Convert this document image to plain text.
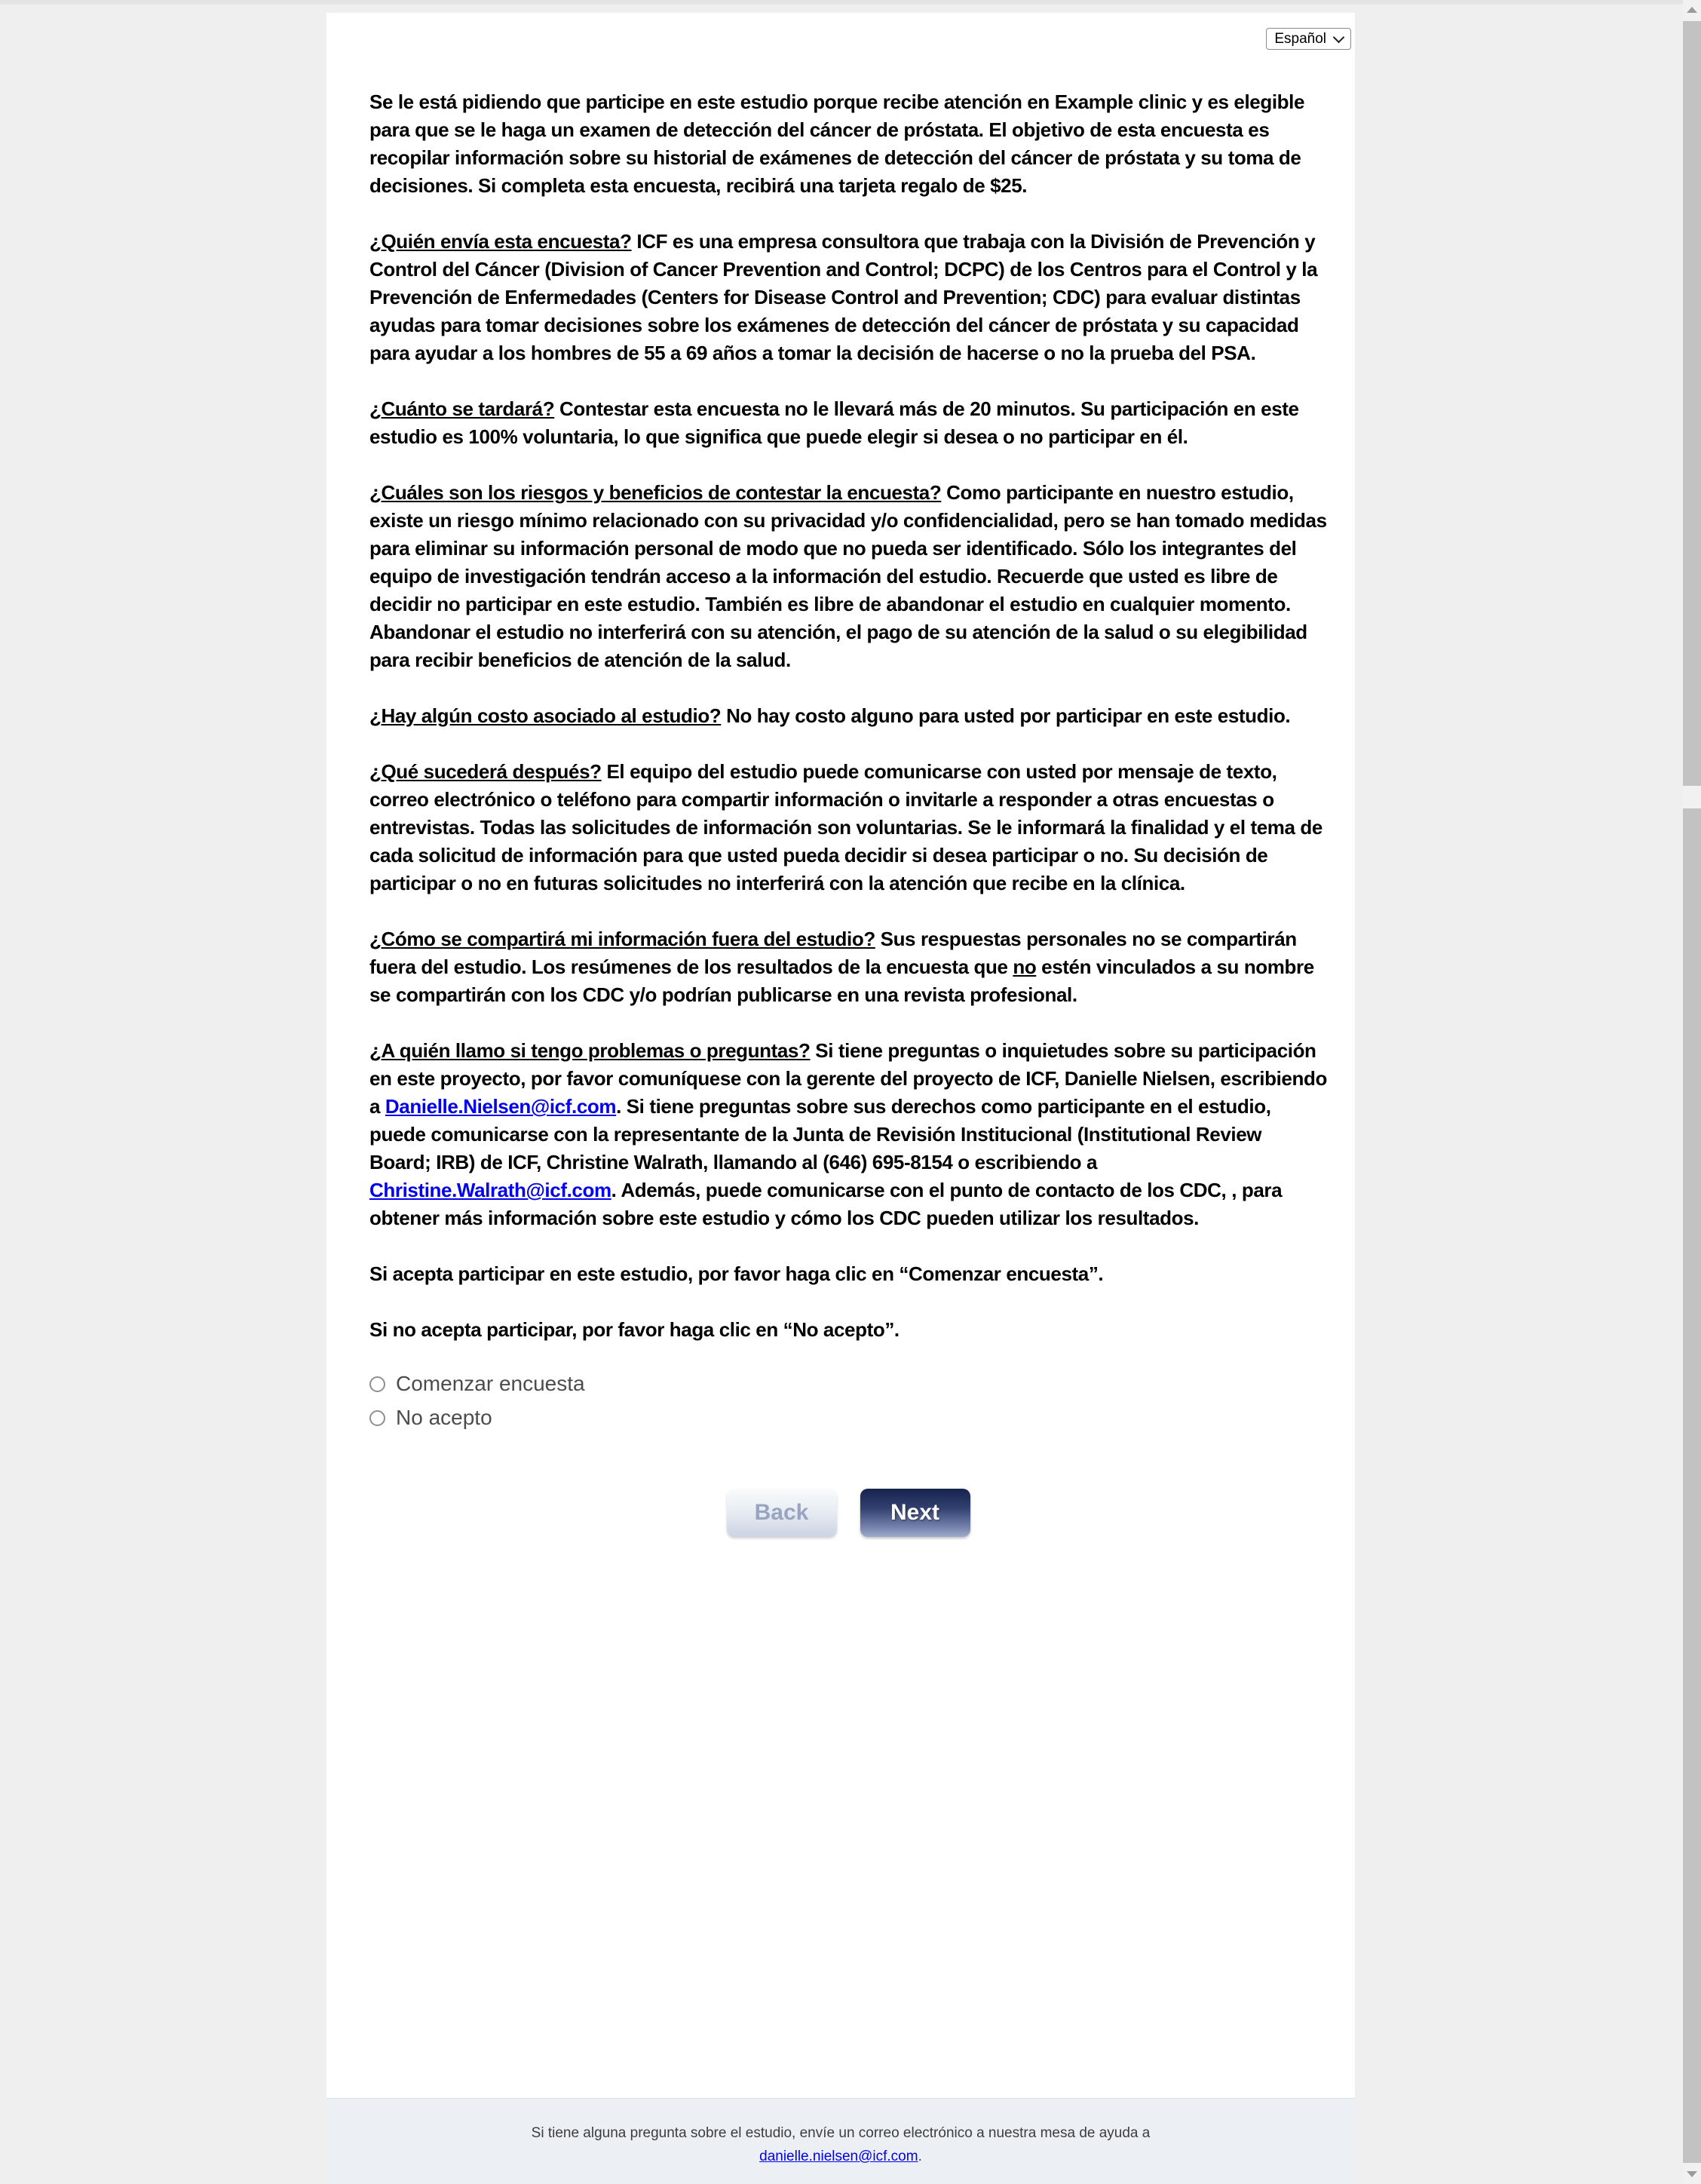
Español

Se le está pidiendo que participe en este estudio porque recibe atención en Example clinic y es elegible para que se le haga un examen de detección del cáncer de próstata. El objetivo de esta encuesta es recopilar información sobre su historial de exámenes de detección del cáncer de próstata y su toma de decisiones. Si completa esta encuesta, recibirá una tarjeta regalo de $25.

¿Quién envía esta encuesta? ICF es una empresa consultora que trabaja con la División de Prevención y Control del Cáncer (Division of Cancer Prevention and Control; DCPC) de los Centros para el Control y la Prevención de Enfermedades (Centers for Disease Control and Prevention; CDC) para evaluar distintas ayudas para tomar decisiones sobre los exámenes de detección del cáncer de próstata y su capacidad para ayudar a los hombres de 55 a 69 años a tomar la decisión de hacerse o no la prueba del PSA.

¿Cuánto se tardará? Contestar esta encuesta no le llevará más de 20 minutos. Su participación en este estudio es 100% voluntaria, lo que significa que puede elegir si desea o no participar en él.

¿Cuáles son los riesgos y beneficios de contestar la encuesta? Como participante en nuestro estudio, existe un riesgo mínimo relacionado con su privacidad y/o confidencialidad, pero se han tomado medidas para eliminar su información personal de modo que no pueda ser identificado. Sólo los integrantes del equipo de investigación tendrán acceso a la información del estudio. Recuerde que usted es libre de decidir no participar en este estudio. También es libre de abandonar el estudio en cualquier momento. Abandonar el estudio no interferirá con su atención, el pago de su atención de la salud o su elegibilidad para recibir beneficios de atención de la salud.

¿Hay algún costo asociado al estudio? No hay costo alguno para usted por participar en este estudio.

¿Qué sucederá después? El equipo del estudio puede comunicarse con usted por mensaje de texto, correo electrónico o teléfono para compartir información o invitarle a responder a otras encuestas o entrevistas. Todas las solicitudes de información son voluntarias. Se le informará la finalidad y el tema de cada solicitud de información para que usted pueda decidir si desea participar o no. Su decisión de participar o no en futuras solicitudes no interferirá con la atención que recibe en la clínica.

¿Cómo se compartirá mi información fuera del estudio? Sus respuestas personales no se compartirán fuera del estudio. Los resúmenes de los resultados de la encuesta que no estén vinculados a su nombre se compartirán con los CDC y/o podrían publicarse en una revista profesional.

¿A quién llamo si tengo problemas o preguntas? Si tiene preguntas o inquietudes sobre su participación en este proyecto, por favor comuníquese con la gerente del proyecto de ICF, Danielle Nielsen, escribiendo a Danielle.Nielsen@icf.com. Si tiene preguntas sobre sus derechos como participante en el estudio, puede comunicarse con la representante de la Junta de Revisión Institucional (Institutional Review Board; IRB) de ICF, Christine Walrath, llamando al (646) 695-8154 o escribiendo a Christine.Walrath@icf.com. Además, puede comunicarse con el punto de contacto de los CDC, , para obtener más información sobre este estudio y cómo los CDC pueden utilizar los resultados.

Si acepta participar en este estudio, por favor haga clic en “Comenzar encuesta”.

Si no acepta participar, por favor haga clic en “No acepto”.

Comenzar encuesta
No acepto
Back	Next
Si tiene alguna pregunta sobre el estudio, envíe un correo electrónico a nuestra mesa de ayuda a
danielle.nielsen@icf.com.
